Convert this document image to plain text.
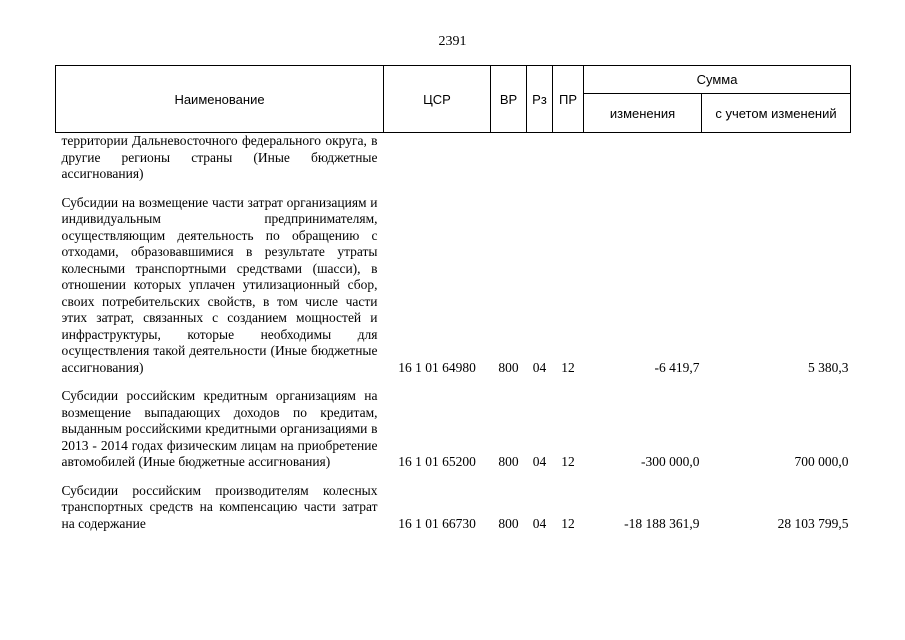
2391
Наименование	ЦСР	ВР	Рз	ПР	Сумма	
					изменения	с учетом изменений
территории Дальневосточного федерального округа, в другие регионы страны (Иные бюджетные ассигнования)						

Субсидии на возмещение части затрат организациям и индивидуальным предпринимателям, осуществляющим деятельность по обращению с отходами, образовавшимися в результате утраты колесными транспортными средствами (шасси), в отношении которых уплачен утилизационный сбор, своих потребительских свойств, в том числе части этих затрат, связанных с созданием мощностей и инфраструктуры, которые необходимы для осуществления такой деятельности (Иные бюджетные ассигнования)	16 1 01 64980	800	04	12	-6 419,7	5 380,3

Субсидии российским кредитным организациям на возмещение выпадающих доходов по кредитам, выданным российскими кредитными организациями в 2013 - 2014 годах физическим лицам на приобретение автомобилей (Иные бюджетные ассигнования)	16 1 01 65200	800	04	12	-300 000,0	700 000,0

Субсидии российским производителям колесных транспортных средств на компенсацию части затрат на содержание	16 1 01 66730	800	04	12	-18 188 361,9	28 103 799,5
